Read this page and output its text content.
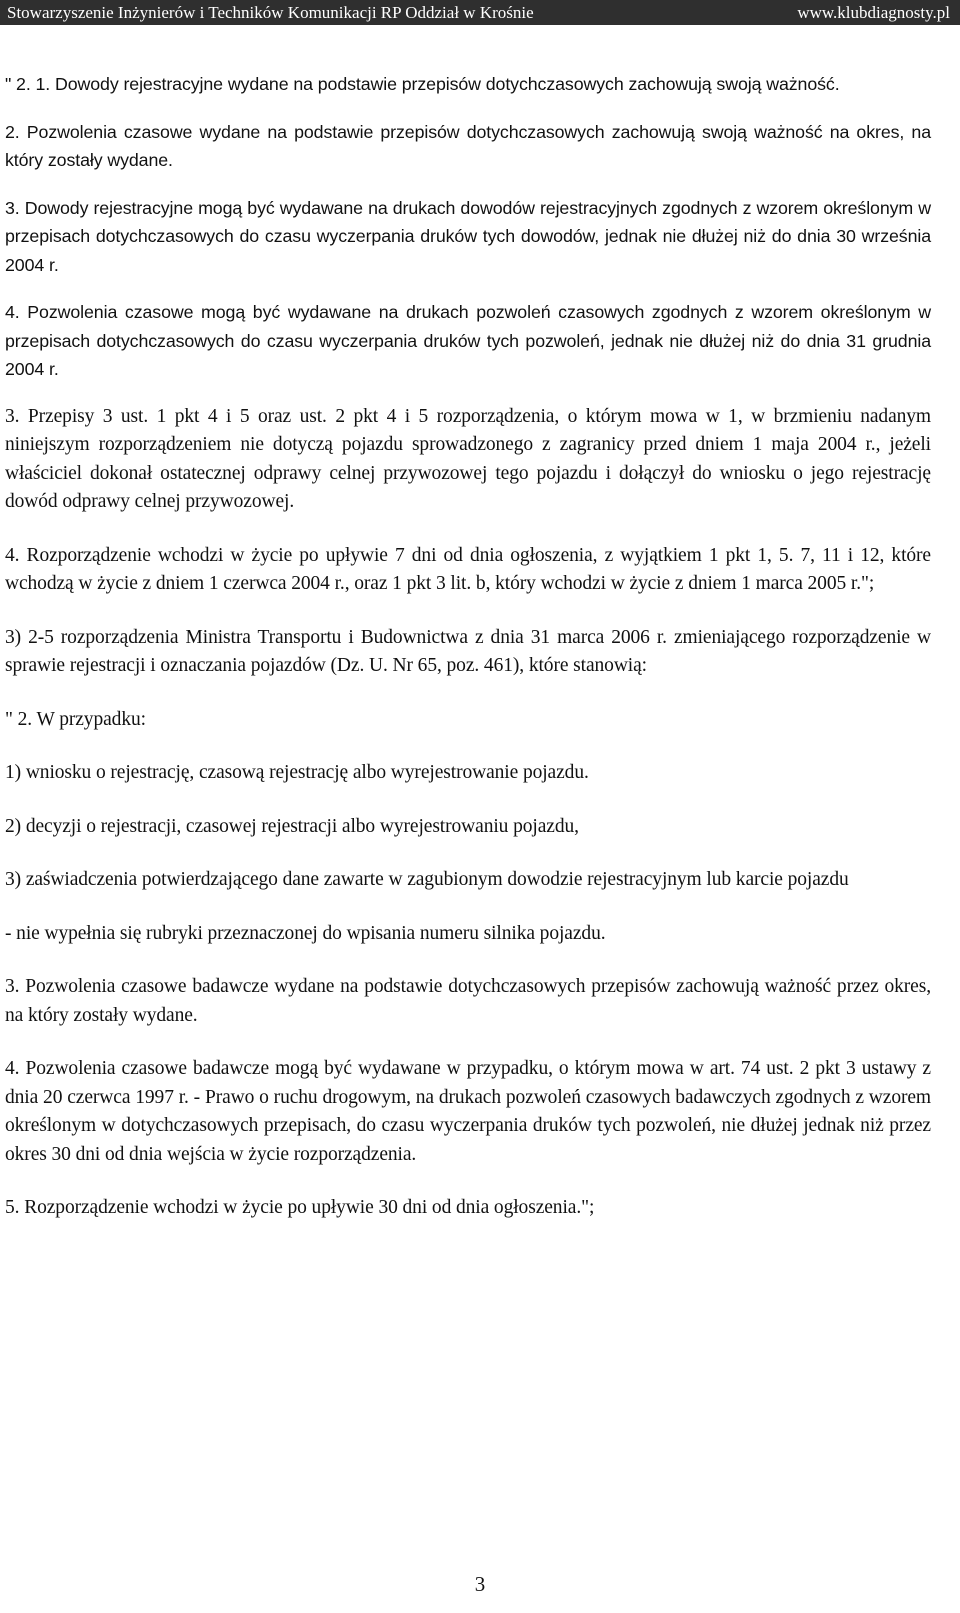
Stowarzyszenie Inżynierów i Techników Komunikacji RP Oddział w Krośnie	www.klubdiagnosty.pl

" 2. 1. Dowody rejestracyjne wydane na podstawie przepisów dotychczasowych zachowują swoją ważność.

2. Pozwolenia czasowe wydane na podstawie przepisów dotychczasowych zachowują swoją ważność na okres, na który zostały wydane.

3. Dowody rejestracyjne mogą być wydawane na drukach dowodów rejestracyjnych zgodnych z wzorem określonym w przepisach dotychczasowych do czasu wyczerpania druków tych dowodów, jednak nie dłużej niż do dnia 30 września 2004 r.

4. Pozwolenia czasowe mogą być wydawane na drukach pozwoleń czasowych zgodnych z wzorem określonym w przepisach dotychczasowych do czasu wyczerpania druków tych pozwoleń, jednak nie dłużej niż do dnia 31 grudnia 2004 r.

3. Przepisy 3 ust. 1 pkt 4 i 5 oraz ust. 2 pkt 4 i 5 rozporządzenia, o którym mowa w 1, w brzmieniu nadanym niniejszym rozporządzeniem nie dotyczą pojazdu sprowadzonego z zagranicy przed dniem 1 maja 2004 r., jeżeli właściciel dokonał ostatecznej odprawy celnej przywozowej tego pojazdu i dołączył do wniosku o jego rejestrację dowód odprawy celnej przywozowej.

4. Rozporządzenie wchodzi w życie po upływie 7 dni od dnia ogłoszenia, z wyjątkiem 1 pkt 1, 5. 7, 11 i 12, które wchodzą w życie z dniem 1 czerwca 2004 r., oraz 1 pkt 3 lit. b, który wchodzi w życie z dniem 1 marca 2005 r.";

3) 2-5 rozporządzenia Ministra Transportu i Budownictwa z dnia 31 marca 2006 r. zmieniającego rozporządzenie w sprawie rejestracji i oznaczania pojazdów (Dz. U. Nr 65, poz. 461), które stanowią:

" 2. W przypadku:

1) wniosku o rejestrację, czasową rejestrację albo wyrejestrowanie pojazdu.

2) decyzji o rejestracji, czasowej rejestracji albo wyrejestrowaniu pojazdu,

3) zaświadczenia potwierdzającego dane zawarte w zagubionym dowodzie rejestracyjnym lub karcie pojazdu

- nie wypełnia się rubryki przeznaczonej do wpisania numeru silnika pojazdu.

3. Pozwolenia czasowe badawcze wydane na podstawie dotychczasowych przepisów zachowują ważność przez okres, na który zostały wydane.

4. Pozwolenia czasowe badawcze mogą być wydawane w przypadku, o którym mowa w art. 74 ust. 2 pkt 3 ustawy z dnia 20 czerwca 1997 r. - Prawo o ruchu drogowym, na drukach pozwoleń czasowych badawczych zgodnych z wzorem określonym w dotychczasowych przepisach, do czasu wyczerpania druków tych pozwoleń, nie dłużej jednak niż przez okres 30 dni od dnia wejścia w życie rozporządzenia.

5. Rozporządzenie wchodzi w życie po upływie 30 dni od dnia ogłoszenia.";

3
